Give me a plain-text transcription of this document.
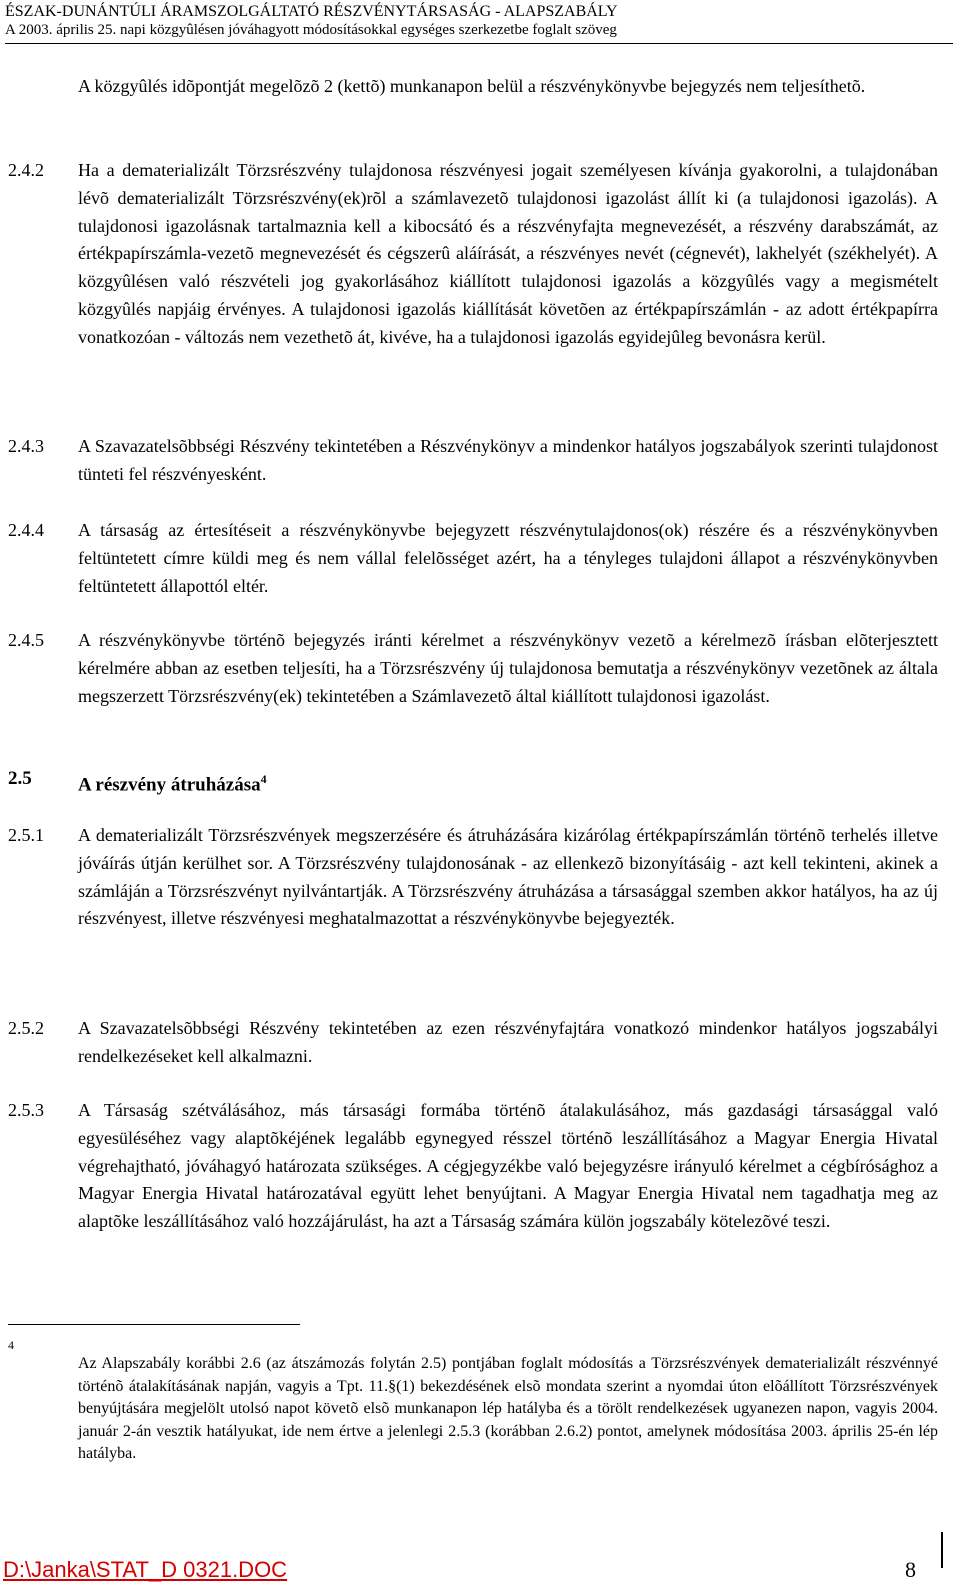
ÉSZAK-DUNÁNTÚLI ÁRAMSZOLGÁLTATÓ RÉSZVÉNYTÁRSASÁG - ALAPSZABÁLY
A 2003. április 25. napi közgyûlésen jóváhagyott módosításokkal egységes szerkezetbe foglalt szöveg
A közgyûlés idõpontját megelõzõ 2 (kettõ) munkanapon belül a részvénykönyvbe bejegyzés nem teljesíthetõ.
2.4.2	Ha a dematerializált Törzsrészvény tulajdonosa részvényesi jogait személyesen kívánja gyakorolni, a tulajdonában lévõ dematerializált Törzsrészvény(ek)rõl a számlavezetõ tulajdonosi igazolást állít ki (a tulajdonosi igazolás). A tulajdonosi igazolásnak tartalmaznia kell a kibocsátó és a részvényfajta megnevezését, a részvény darabszámát, az értékpapírszámla-vezetõ megnevezését és cégszerû aláírását, a részvényes nevét (cégnevét), lakhelyét (székhelyét). A közgyûlésen való részvételi jog gyakorlásához kiállított tulajdonosi igazolás a közgyûlés vagy a megismételt közgyûlés napjáig érvényes. A tulajdonosi igazolás kiállítását követõen az értékpapírszámlán - az adott értékpapírra vonatkozóan - változás nem vezethetõ át, kivéve, ha a tulajdonosi igazolás egyidejûleg bevonásra kerül.
2.4.3	A Szavazatelsõbbségi Részvény tekintetében a Részvénykönyv a mindenkor hatályos jogszabályok szerinti tulajdonost tünteti fel részvényesként.
2.4.4	A társaság az értesítéseit a részvénykönyvbe bejegyzett részvénytulajdonos(ok) részére és a részvénykönyvben feltüntetett címre küldi meg és nem vállal felelõsséget azért, ha a tényleges tulajdoni állapot a részvénykönyvben feltüntetett állapottól eltér.
2.4.5	A részvénykönyvbe történõ bejegyzés iránti kérelmet a részvénykönyv vezetõ a kérelmezõ írásban elõterjesztett kérelmére abban az esetben teljesíti, ha a Törzsrészvény új tulajdonosa bemutatja a részvénykönyv vezetõnek az általa megszerzett Törzsrészvény(ek) tekintetében a Számlavezetõ által kiállított tulajdonosi igazolást.
2.5	A részvény átruházása$^4$
2.5.1	A dematerializált Törzsrészvények megszerzésére és átruházására kizárólag értékpapírszámlán történõ terhelés illetve jóváírás útján kerülhet sor. A Törzsrészvény tulajdonosának - az ellenkezõ bizonyításáig - azt kell tekinteni, akinek a számláján a Törzsrészvényt nyilvántartják. A Törzsrészvény átruházása a társasággal szemben akkor hatályos, ha az új részvényest, illetve részvényesi meghatalmazottat a részvénykönyvbe bejegyezték.
2.5.2	A Szavazatelsõbbségi Részvény tekintetében az ezen részvényfajtára vonatkozó mindenkor hatályos jogszabályi rendelkezéseket kell alkalmazni.
2.5.3	A Társaság szétválásához, más társasági formába történõ átalakulásához, más gazdasági társasággal való egyesüléséhez vagy alaptõkéjének legalább egynegyed résszel történõ leszállításához a Magyar Energia Hivatal végrehajtható, jóváhagyó határozata szükséges. A cégjegyzékbe való bejegyzésre irányuló kérelmet a cégbírósághoz a Magyar Energia Hivatal határozatával együtt lehet benyújtani. A Magyar Energia Hivatal nem tagadhatja meg az alaptõke leszállításához való hozzájárulást, ha azt a Társaság számára külön jogszabály kötelezõvé teszi.
4
Az Alapszabály korábbi 2.6 (az átszámozás folytán 2.5) pontjában foglalt módosítás a Törzsrészvények dematerializált részvénnyé történõ átalakításának napján, vagyis a Tpt. 11.§(1) bekezdésének elsõ mondata szerint a nyomdai úton elõállított Törzsrészvények benyújtására megjelölt utolsó napot követõ elsõ munkanapon lép hatályba és a törölt rendelkezések ugyanezen napon, vagyis 2004. január 2-án vesztik hatályukat, ide nem értve a jelenlegi 2.5.3 (korábban 2.6.2) pontot, amelynek módosítása 2003. április 25-én lép hatályba.
D:\Janka\STAT_D 0321.DOC	8
